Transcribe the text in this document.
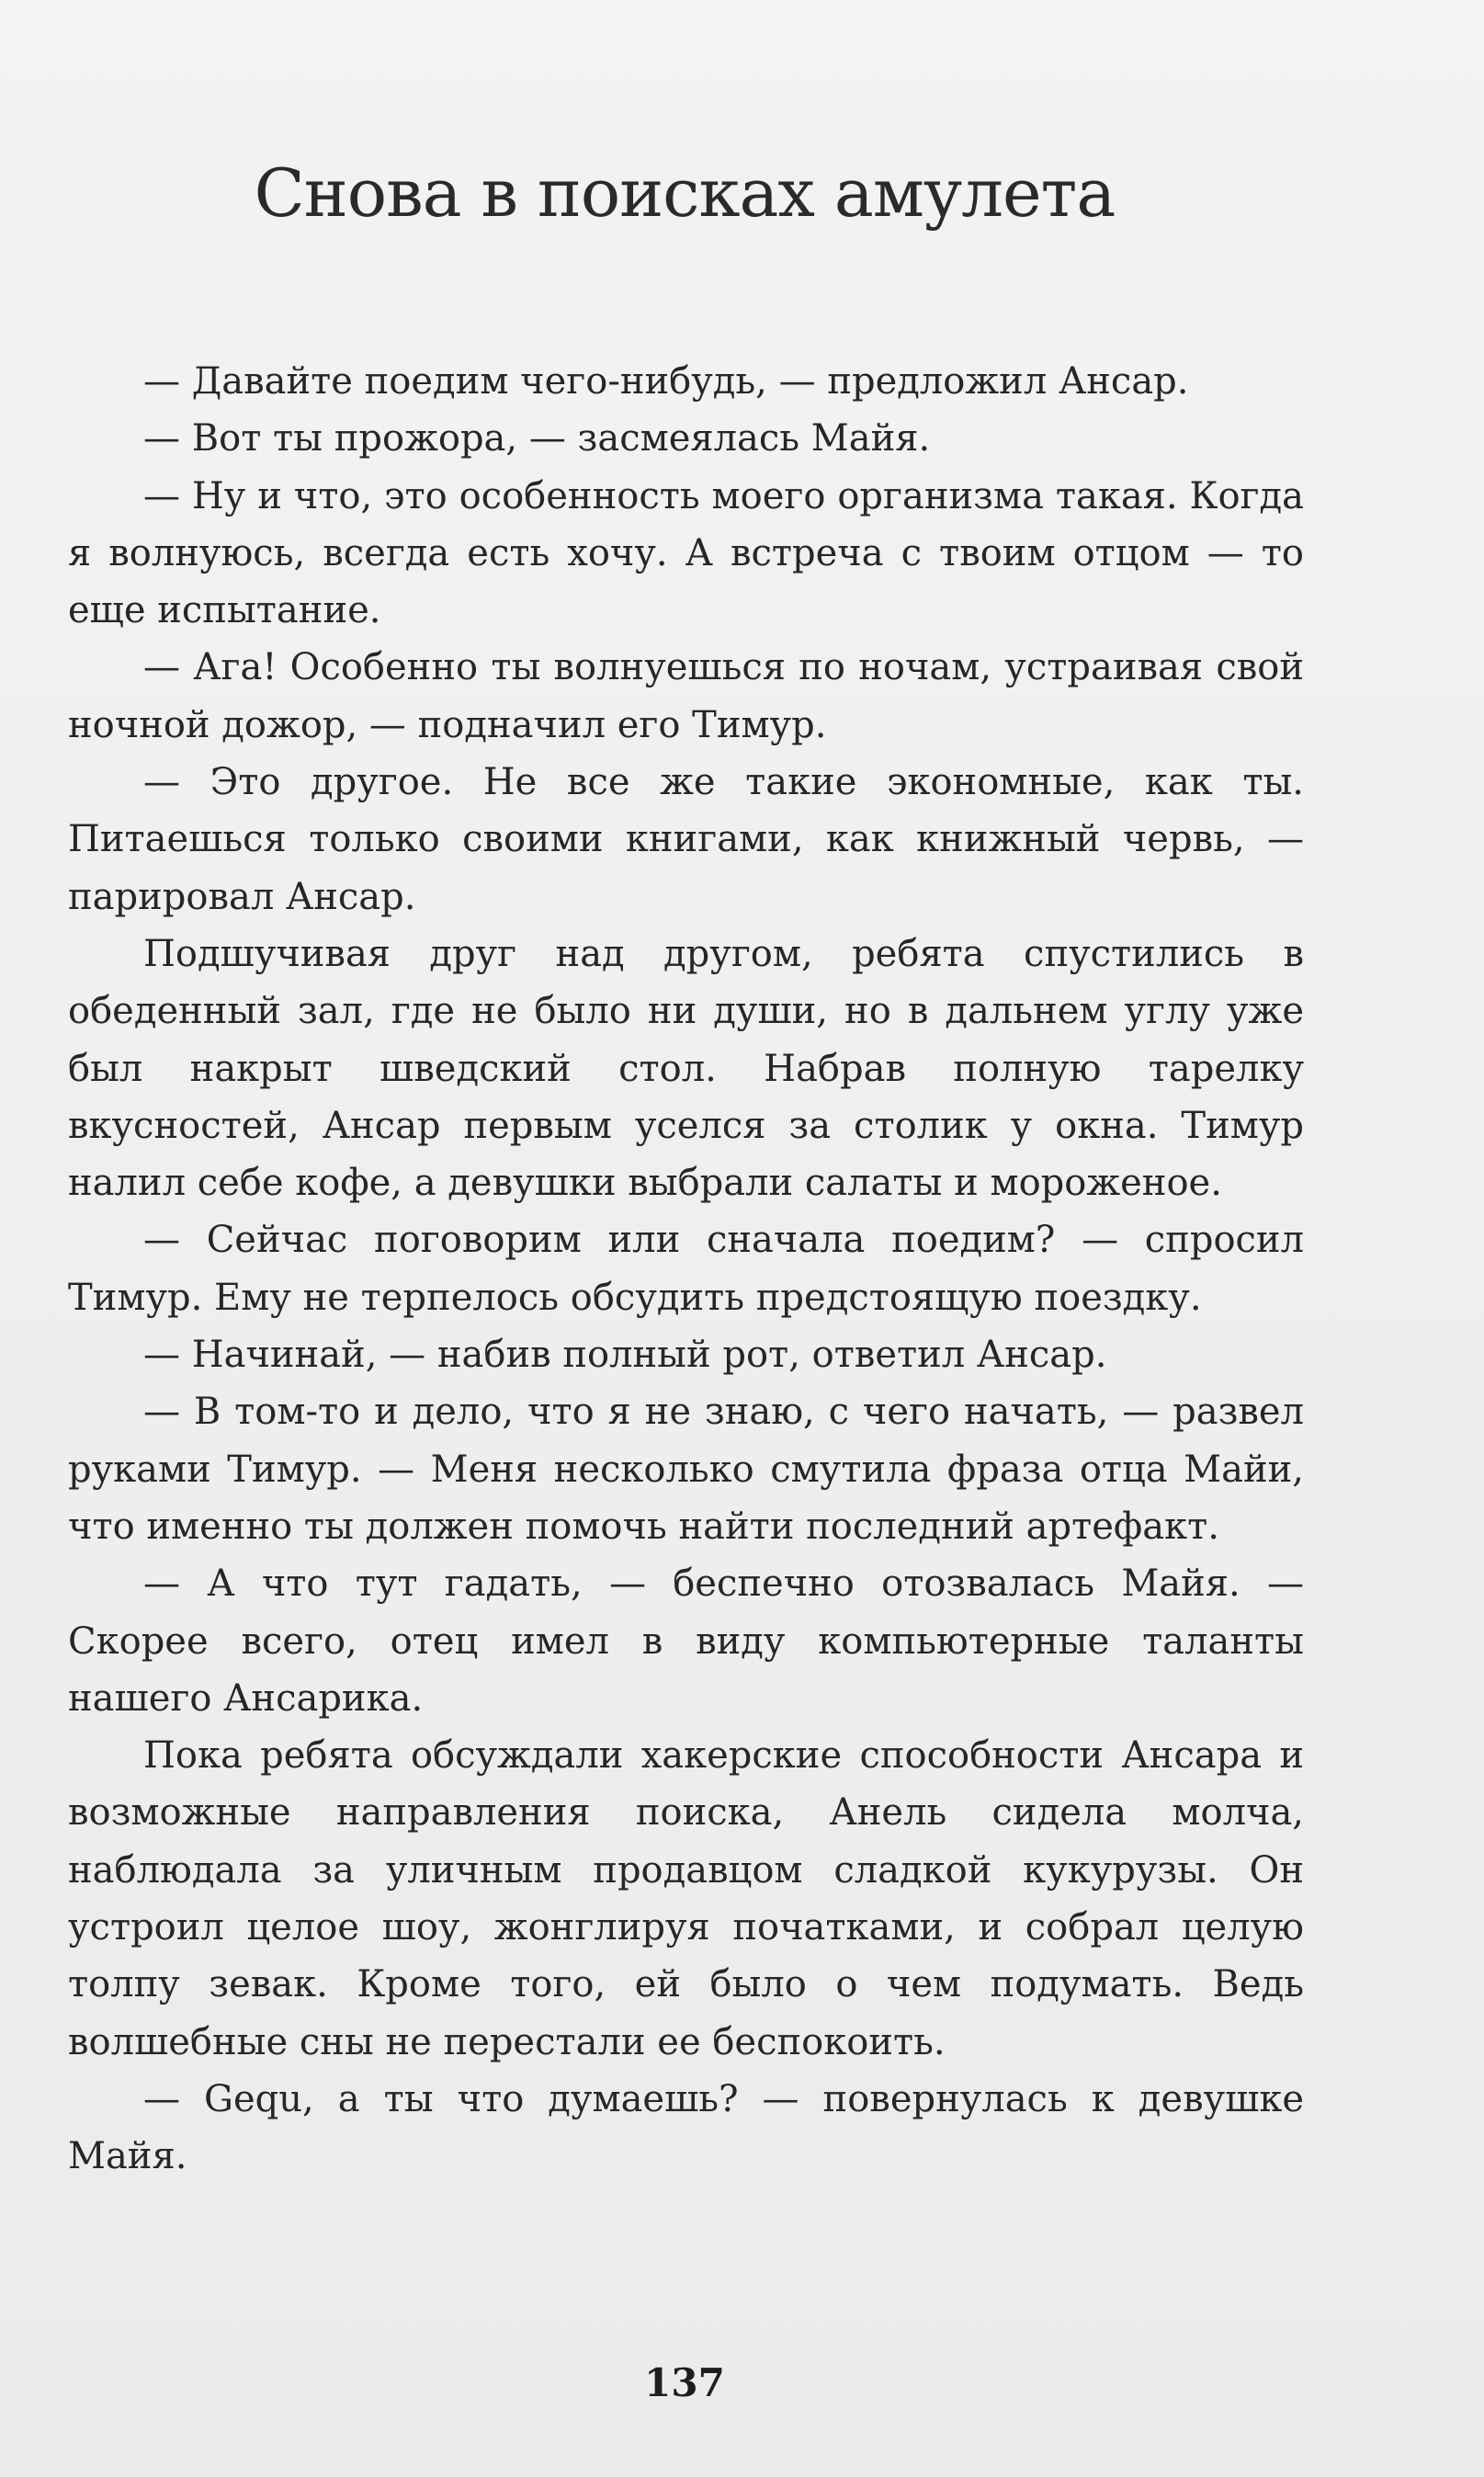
Снова в поисках амулета

— Давайте поедим чего-нибудь, — предложил Ансар.

— Вот ты прожора, — засмеялась Майя.

— Ну и что, это особенность моего организма такая. Когда я волнуюсь, всегда есть хочу. А встреча с твоим отцом — то еще испытание.

— Ага! Особенно ты волнуешься по ночам, устраивая свой ночной дожор, — подначил его Тимур.

— Это другое. Не все же такие экономные, как ты. Питаешься только своими книгами, как книжный червь, — парировал Ансар.

Подшучивая друг над другом, ребята спустились в обеденный зал, где не было ни души, но в дальнем углу уже был накрыт шведский стол. Набрав полную тарелку вкусностей, Ансар первым уселся за столик у окна. Тимур налил себе кофе, а девушки выбрали салаты и мороженое.

— Сейчас поговорим или сначала поедим? — спросил Тимур. Ему не терпелось обсудить предстоящую поездку.

— Начинай, — набив полный рот, ответил Ансар.

— В том-то и дело, что я не знаю, с чего начать, — развел руками Тимур. — Меня несколько смутила фраза отца Майи, что именно ты должен помочь найти последний артефакт.

— А что тут гадать, — беспечно отозвалась Майя. — Скорее всего, отец имел в виду компьютерные таланты нашего Ансарика.

Пока ребята обсуждали хакерские способности Ансара и возможные направления поиска, Анель сидела молча, наблюдала за уличным продавцом сладкой кукурузы. Он устроил целое шоу, жонглируя початками, и собрал целую толпу зевак. Кроме того, ей было о чем подумать. Ведь волшебные сны не перестали ее беспокоить.

— Gequ, а ты что думаешь? — повернулась к девушке Майя.

137
